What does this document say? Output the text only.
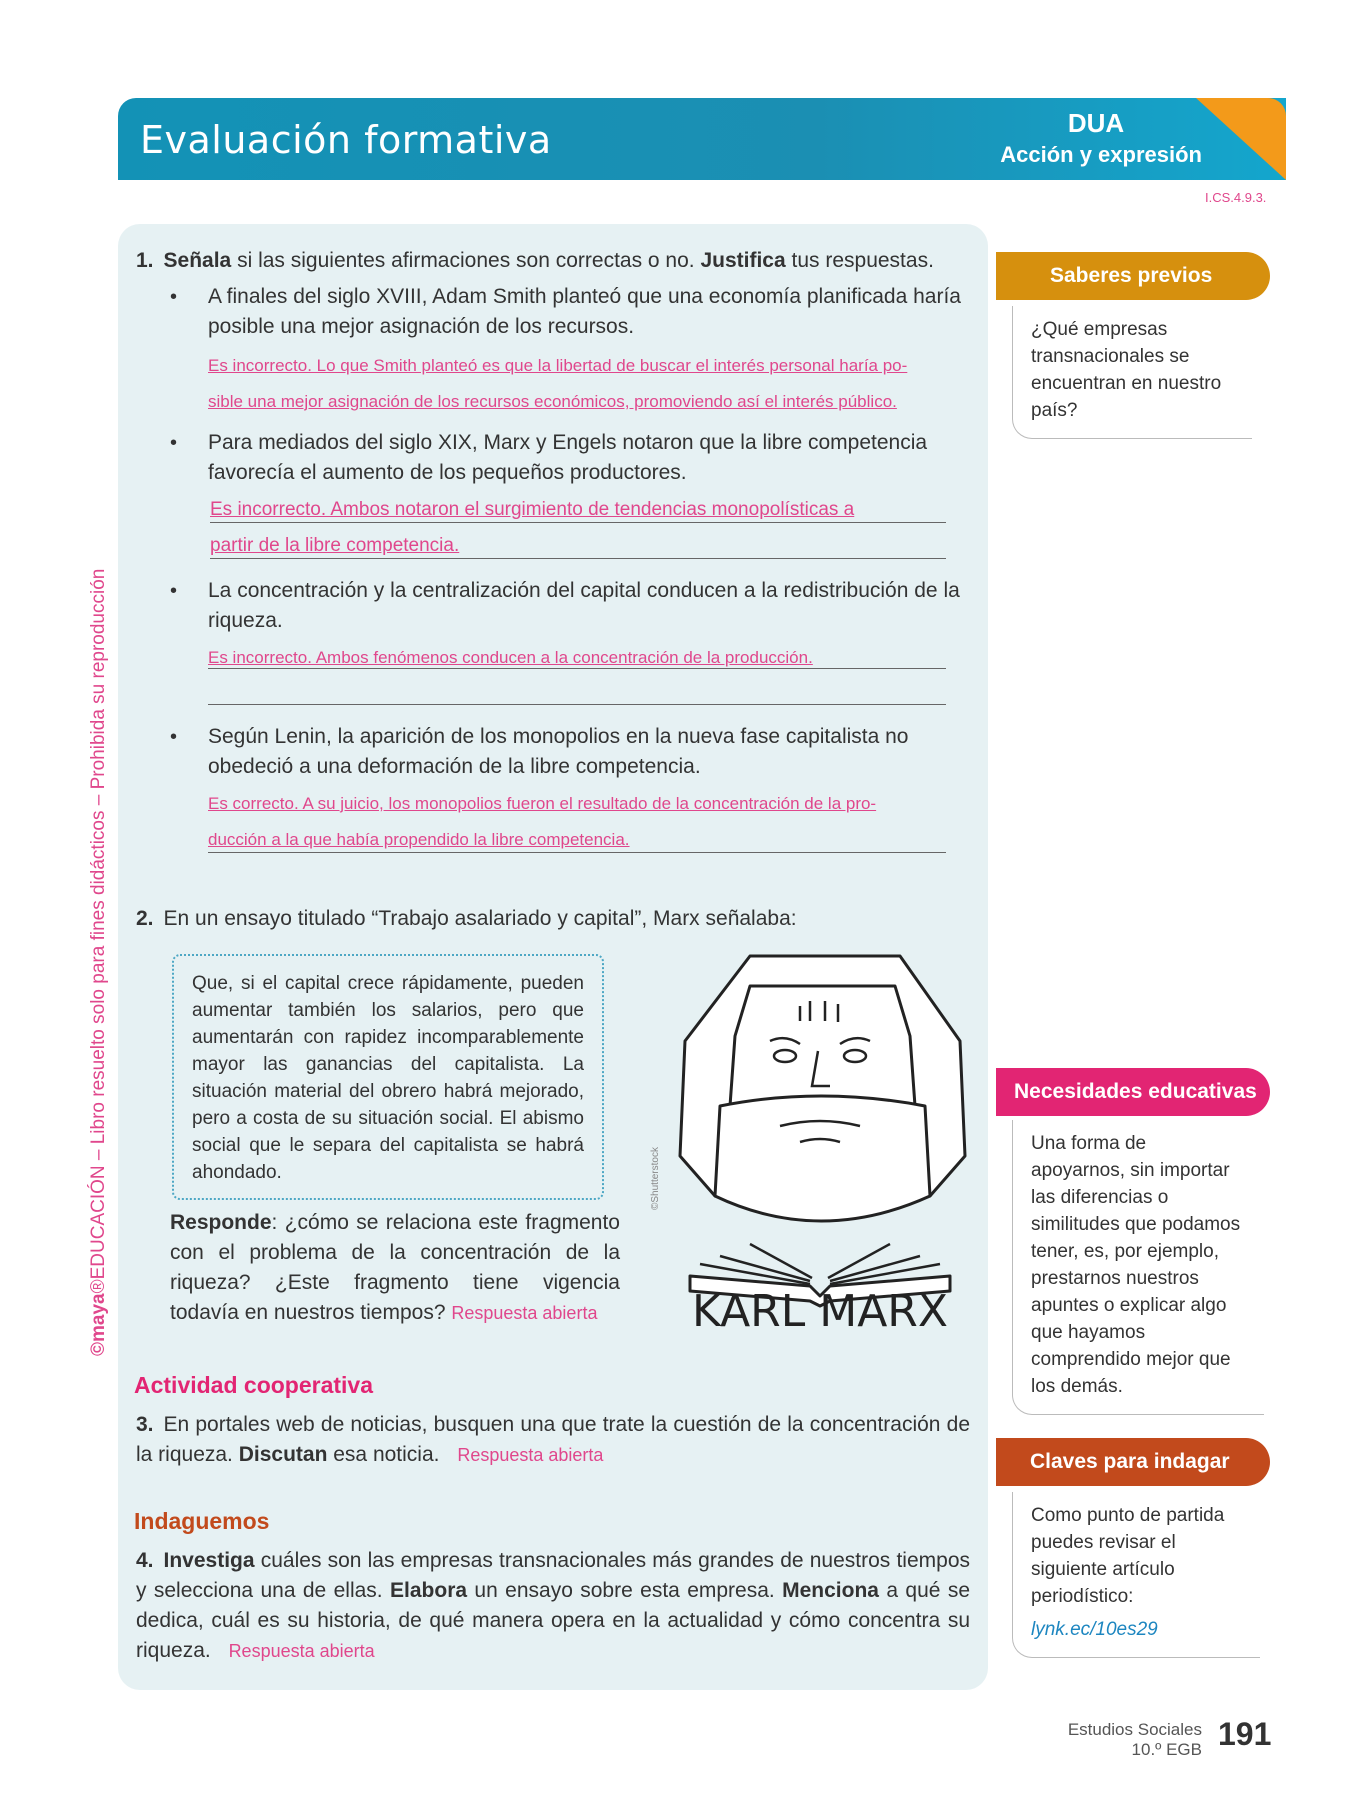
Evaluación formativa	DUA
Acción y expresión
I.CS.4.9.3.
©maya®EDUCACIÓN – Libro resuelto solo para fines didácticos – Prohibida su reproducción
1. Señala si las siguientes afirmaciones son correctas o no. Justifica tus respuestas.
• A finales del siglo XVIII, Adam Smith planteó que una economía planificada haría posible una mejor asignación de los recursos.
Es incorrecto. Lo que Smith planteó es que la libertad de buscar el interés personal haría po-
sible una mejor asignación de los recursos económicos, promoviendo así el interés público.
• Para mediados del siglo XIX, Marx y Engels notaron que la libre competencia favorecía el aumento de los pequeños productores.
Es incorrecto. Ambos notaron el surgimiento de tendencias monopolísticas a
partir de la libre competencia.
• La concentración y la centralización del capital conducen a la redistribución de la riqueza.
Es incorrecto. Ambos fenómenos conducen a la concentración de la producción.
• Según Lenin, la aparición de los monopolios en la nueva fase capitalista no obedeció a una deformación de la libre competencia.
Es correcto. A su juicio, los monopolios fueron el resultado de la concentración de la pro-
ducción a la que había propendido la libre competencia.
2. En un ensayo titulado “Trabajo asalariado y capital”, Marx señalaba:
Que, si el capital crece rápidamente, pueden aumentar también los salarios, pero que aumentarán con rapidez incomparablemente mayor las ganancias del capitalista. La situación material del obrero habrá mejorado, pero a costa de su situación social. El abismo social que le separa del capitalista se habrá ahondado.
Responde: ¿cómo se relaciona este fragmento con el problema de la concentración de la riqueza? ¿Este fragmento tiene vigencia todavía en nuestros tiempos? Respuesta abierta	KARL MARX
©Shutterstock
Actividad cooperativa
3. En portales web de noticias, busquen una que trate la cuestión de la concentración de la riqueza. Discutan esa noticia. Respuesta abierta
Indaguemos
4. Investiga cuáles son las empresas transnacionales más grandes de nuestros tiempos y selecciona una de ellas. Elabora un ensayo sobre esta empresa. Menciona a qué se dedica, cuál es su historia, de qué manera opera en la actualidad y cómo concentra su riqueza. Respuesta abierta
Saberes previos
¿Qué empresas transnacionales se encuentran en nuestro país?
Necesidades educativas
Una forma de apoyarnos, sin importar las diferencias o similitudes que podamos tener, es, por ejemplo, prestarnos nuestros apuntes o explicar algo que hayamos comprendido mejor que los demás.
Claves para indagar
Como punto de partida puedes revisar el siguiente artículo periodístico:
lynk.ec/10es29
Estudios Sociales
10.º EGB 191
